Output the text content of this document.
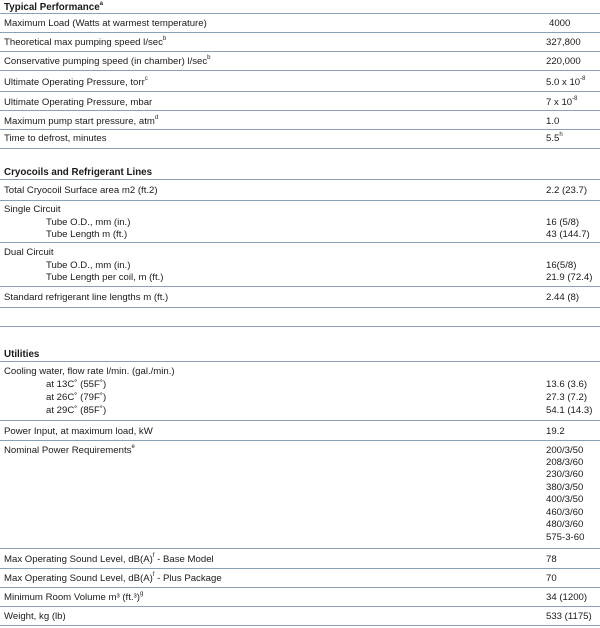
Typical Performance$^a$
Maximum Load (Watts at warmest temperature)	4000
Theoretical max pumping speed $l/\sec^b$	327,800
Conservative pumping speed (in chamber) $l/\sec^b$	220,000
Ultimate Operating Pressure, torr$^c$	5.0 x $10^{-8}$
Ultimate Operating Pressure, mbar	7 x $10^{-8}$
Maximum pump start pressure, atm$^d$	1.0
Time to defrost, minutes	5.5$^h$
Cryocoils and Refrigerant Lines
Total Cryocoil Surface area m2 (ft.2)	2.2 (23.7)
Single Circuit
Tube O.D., mm (in.)	16 (5/8)
Tube Length m (ft.)	43 (144.7)
Dual Circuit
Tube O.D., mm (in.)	16(5/8)
Tube Length per coil, m (ft.)	21.9 (72.4)
Standard refrigerant line lengths m (ft.)	2.44 (8)
Utilities
Cooling water, flow rate l/min. (gal./min.)
at 13C˚ (55F˚)	13.6 (3.6)
at 26C˚ (79F˚)	27.3 (7.2)
at 29C˚ (85F˚)	54.1 (14.3)
Power Input, at maximum load, kW	19.2
Nominal Power Requirements$^e$	200/3/50
208/3/60
230/3/60
380/3/50
400/3/50
460/3/60
480/3/60
575-3-60
Max Operating Sound Level, $dB(A)^f$ - Base Model	78
Max Operating Sound Level, $dB(A)^f$ - Plus Package	70
Minimum Room Volume m³ $(ft.^3)^g$	34 (1200)
Weight, kg (lb)	533 (1175)
